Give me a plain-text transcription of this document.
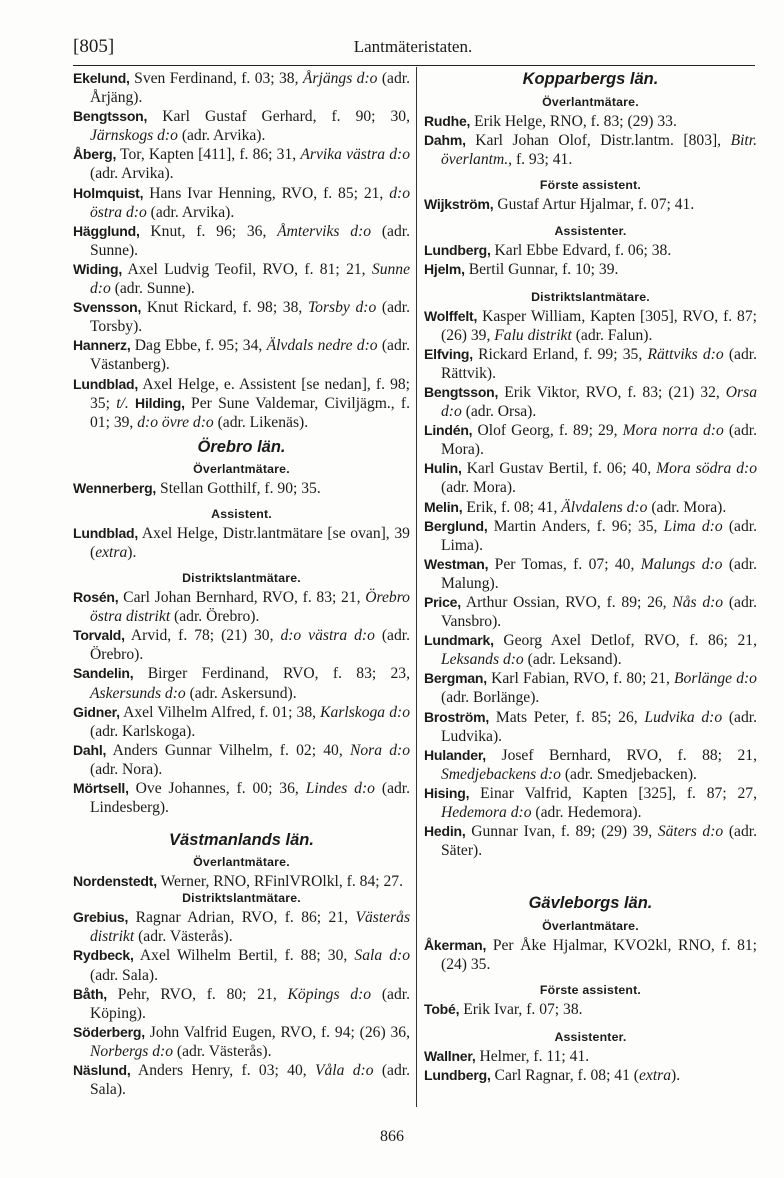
[805]	Lantmäteristaten.
Ekelund, Sven Ferdinand, f. 03; 38, Årjängs d:o (adr. Årjäng).
Bengtsson, Karl Gustaf Gerhard, f. 90; 30, Järnskogs d:o (adr. Arvika).
Åberg, Tor, Kapten [411], f. 86; 31, Arvika västra d:o (adr. Arvika).
Holmquist, Hans Ivar Henning, RVO, f. 85; 21, d:o östra d:o (adr. Arvika).
Hägglund, Knut, f. 96; 36, Åmterviks d:o (adr. Sunne).
Widing, Axel Ludvig Teofil, RVO, f. 81; 21, Sunne d:o (adr. Sunne).
Svensson, Knut Rickard, f. 98; 38, Torsby d:o (adr. Torsby).
Hannerz, Dag Ebbe, f. 95; 34, Älvdals nedre d:o (adr. Västanberg).
Lundblad, Axel Helge, e. Assistent [se nedan], f. 98; 35; t/. Hilding, Per Sune Valdemar, Civiljägm., f. 01; 39, d:o övre d:o (adr. Likenäs).
Örebro län.
Överlantmätare.
Wennerberg, Stellan Gotthilf, f. 90; 35.
Assistent.
Lundblad, Axel Helge, Distr.lantmätare [se ovan], 39 (extra).
Distriktslantmätare.
Rosén, Carl Johan Bernhard, RVO, f. 83; 21, Örebro östra distrikt (adr. Örebro).
Torvald, Arvid, f. 78; (21) 30, d:o västra d:o (adr. Örebro).
Sandelin, Birger Ferdinand, RVO, f. 83; 23, Askersunds d:o (adr. Askersund).
Gidner, Axel Vilhelm Alfred, f. 01; 38, Karlskoga d:o (adr. Karlskoga).
Dahl, Anders Gunnar Vilhelm, f. 02; 40, Nora d:o (adr. Nora).
Mörtsell, Ove Johannes, f. 00; 36, Lindes d:o (adr. Lindesberg).
Västmanlands län.
Överlantmätare.
Nordenstedt, Werner, RNO, RFinlVROlkl, f. 84; 27.
Distriktslantmätare.
Grebius, Ragnar Adrian, RVO, f. 86; 21, Västerås distrikt (adr. Västerås).
Rydbeck, Axel Wilhelm Bertil, f. 88; 30, Sala d:o (adr. Sala).
Båth, Pehr, RVO, f. 80; 21, Köpings d:o (adr. Köping).
Söderberg, John Valfrid Eugen, RVO, f. 94; (26) 36, Norbergs d:o (adr. Västerås).
Näslund, Anders Henry, f. 03; 40, Våla d:o (adr. Sala).
Kopparbergs län.
Överlantmätare.
Rudhe, Erik Helge, RNO, f. 83; (29) 33.
Dahm, Karl Johan Olof, Distr.lantm. [803], Bitr. överlantm., f. 93; 41.
Förste assistent.
Wijkström, Gustaf Artur Hjalmar, f. 07; 41.
Assistenter.
Lundberg, Karl Ebbe Edvard, f. 06; 38.
Hjelm, Bertil Gunnar, f. 10; 39.
Distriktslantmätare.
Wolffelt, Kasper William, Kapten [305], RVO, f. 87; (26) 39, Falu distrikt (adr. Falun).
Elfving, Rickard Erland, f. 99; 35, Rättviks d:o (adr. Rättvik).
Bengtsson, Erik Viktor, RVO, f. 83; (21) 32, Orsa d:o (adr. Orsa).
Lindén, Olof Georg, f. 89; 29, Mora norra d:o (adr. Mora).
Hulin, Karl Gustav Bertil, f. 06; 40, Mora södra d:o (adr. Mora).
Melin, Erik, f. 08; 41, Älvdalens d:o (adr. Mora).
Berglund, Martin Anders, f. 96; 35, Lima d:o (adr. Lima).
Westman, Per Tomas, f. 07; 40, Malungs d:o (adr. Malung).
Price, Arthur Ossian, RVO, f. 89; 26, Nås d:o (adr. Vansbro).
Lundmark, Georg Axel Detlof, RVO, f. 86; 21, Leksands d:o (adr. Leksand).
Bergman, Karl Fabian, RVO, f. 80; 21, Borlänge d:o (adr. Borlänge).
Broström, Mats Peter, f. 85; 26, Ludvika d:o (adr. Ludvika).
Hulander, Josef Bernhard, RVO, f. 88; 21, Smedjebackens d:o (adr. Smedjebacken).
Hising, Einar Valfrid, Kapten [325], f. 87; 27, Hedemora d:o (adr. Hedemora).
Hedin, Gunnar Ivan, f. 89; (29) 39, Säters d:o (adr. Säter).
Gävleborgs län.
Överlantmätare.
Åkerman, Per Åke Hjalmar, KVO2kl, RNO, f. 81; (24) 35.
Förste assistent.
Tobé, Erik Ivar, f. 07; 38.
Assistenter.
Wallner, Helmer, f. 11; 41.
Lundberg, Carl Ragnar, f. 08; 41 (extra).
866
